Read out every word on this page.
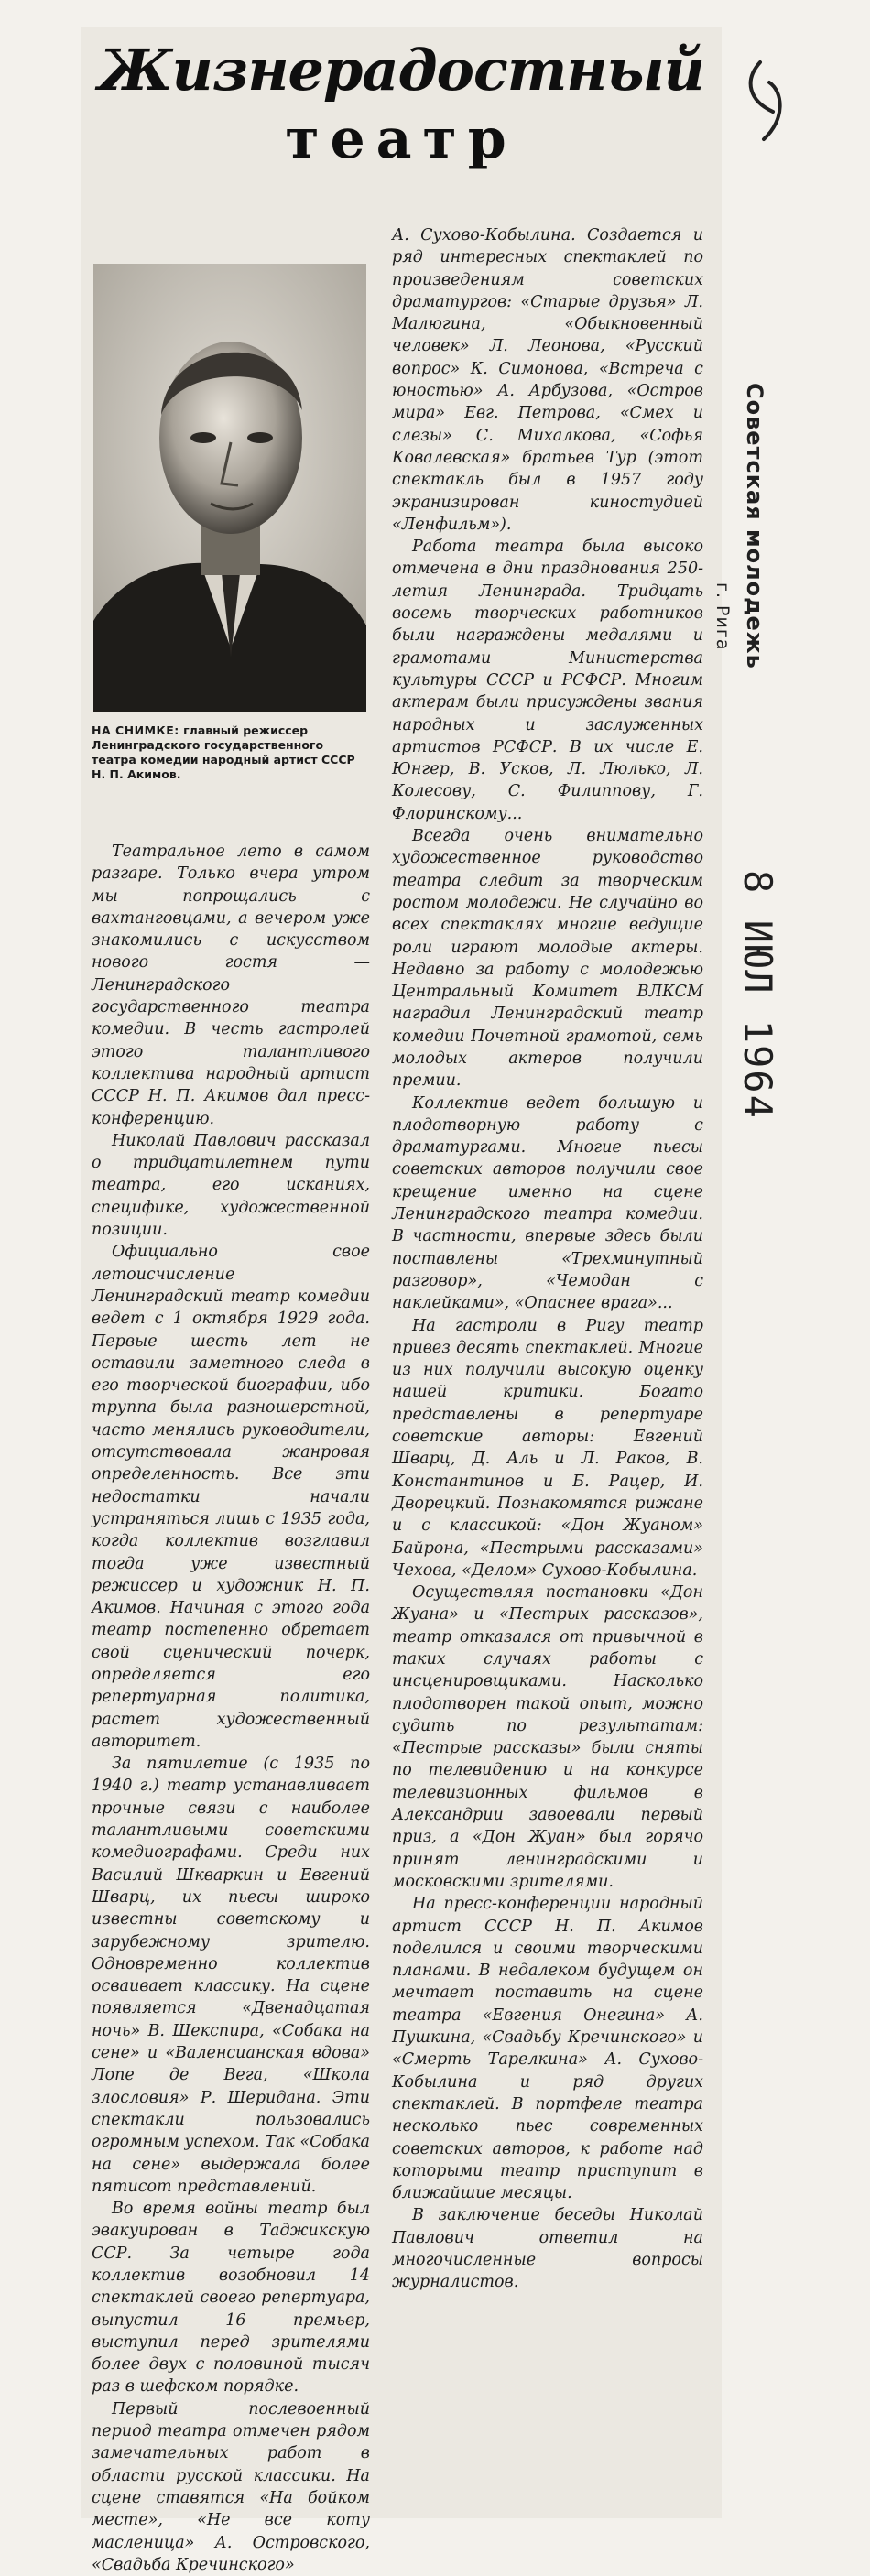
Жизнерадостный
театр
НА СНИМКЕ: главный режиссер Ленинградского государственного театра комедии народный артист СССР Н. П. Акимов.

Театральное лето в самом разгаре. Только вчера утром мы попрощались с вахтанговцами, а вечером уже знакомились с искусством нового гостя — Ленинградского государственного театра комедии. В честь гастролей этого талантливого коллектива народный артист СССР Н. П. Акимов дал пресс-конференцию.

Николай Павлович рассказал о тридцатилетнем пути театра, его исканиях, специфике, художественной позиции.

Официально свое летоисчисление Ленинградский театр комедии ведет с 1 октября 1929 года. Первые шесть лет не оставили заметного следа в его творческой биографии, ибо труппа была разношерстной, часто менялись руководители, отсутствовала жанровая определенность. Все эти недостатки начали устраняться лишь с 1935 года, когда коллектив возглавил тогда уже известный режиссер и художник Н. П. Акимов. Начиная с этого года театр постепенно обретает свой сценический почерк, определяется его репертуарная политика, растет художественный авторитет.

За пятилетие (с 1935 по 1940 г.) театр устанавливает прочные связи с наиболее талантливыми советскими комедиографами. Среди них Василий Шкваркин и Евгений Шварц, их пьесы широко известны советскому и зарубежному зрителю. Одновременно коллектив осваивает классику. На сцене появляется «Двенадцатая ночь» В. Шекспира, «Собака на сене» и «Валенсианская вдова» Лопе де Вега, «Школа злословия» Р. Шеридана. Эти спектакли пользовались огромным успехом. Так «Собака на сене» выдержала более пятисот представлений.

Во время войны театр был эвакуирован в Таджикскую ССР. За четыре года коллектив возобновил 14 спектаклей своего репертуара, выпустил 16 премьер, выступил перед зрителями более двух с половиной тысяч раз в шефском порядке.

Первый послевоенный период театра отмечен рядом замечательных работ в области русской классики. На сцене ставятся «На бойком месте», «Не все коту масленица» А. Островского, «Свадьба Кречинского»

А. Сухово-Кобылина. Создается и ряд интересных спектаклей по произведениям советских драматургов: «Старые друзья» Л. Малюгина, «Обыкновенный человек» Л. Леонова, «Русский вопрос» К. Симонова, «Встреча с юностью» А. Арбузова, «Остров мира» Евг. Петрова, «Смех и слезы» С. Михалкова, «Софья Ковалевская» братьев Тур (этот спектакль был в 1957 году экранизирован киностудией «Ленфильм»).

Работа театра была высоко отмечена в дни празднования 250-летия Ленинграда. Тридцать восемь творческих работников были награждены медалями и грамотами Министерства культуры СССР и РСФСР. Многим актерам были присуждены звания народных и заслуженных артистов РСФСР. В их числе Е. Юнгер, В. Усков, Л. Люлько, Л. Колесову, С. Филиппову, Г. Флоринскому...

Всегда очень внимательно художественное руководство театра следит за творческим ростом молодежи. Не случайно во всех спектаклях многие ведущие роли играют молодые актеры. Недавно за работу с молодежью Центральный Комитет ВЛКСМ наградил Ленинградский театр комедии Почетной грамотой, семь молодых актеров получили премии.

Коллектив ведет большую и плодотворную работу с драматургами. Многие пьесы советских авторов получили свое крещение именно на сцене Ленинградского театра комедии. В частности, впервые здесь были поставлены «Трехминутный разговор», «Чемодан с наклейками», «Опаснее врага»...

На гастроли в Ригу театр привез десять спектаклей. Многие из них получили высокую оценку нашей критики. Богато представлены в репертуаре советские авторы: Евгений Шварц, Д. Аль и Л. Раков, В. Константинов и Б. Рацер, И. Дворецкий. Познакомятся рижане и с классикой: «Дон Жуаном» Байрона, «Пестрыми рассказами» Чехова, «Делом» Сухово-Кобылина.

Осуществляя постановки «Дон Жуана» и «Пестрых рассказов», театр отказался от привычной в таких случаях работы с инсценировщиками. Насколько плодотворен такой опыт, можно судить по результатам: «Пестрые рассказы» были сняты по телевидению и на конкурсе телевизионных фильмов в Александрии завоевали первый приз, а «Дон Жуан» был горячо принят ленинградскими и московскими зрителями.

На пресс-конференции народный артист СССР Н. П. Акимов поделился и своими творческими планами. В недалеком будущем он мечтает поставить на сцене театра «Евгения Онегина» А. Пушкина, «Свадьбу Кречинского» и «Смерть Тарелкина» А. Сухово-Кобылина и ряд других спектаклей. В портфеле театра несколько пьес современных советских авторов, к работе над которыми театр приступит в ближайшие месяцы.

В заключение беседы Николай Павлович ответил на многочисленные вопросы журналистов.

Советская молодежь
г. Рига
8 ИЮЛ 1964
